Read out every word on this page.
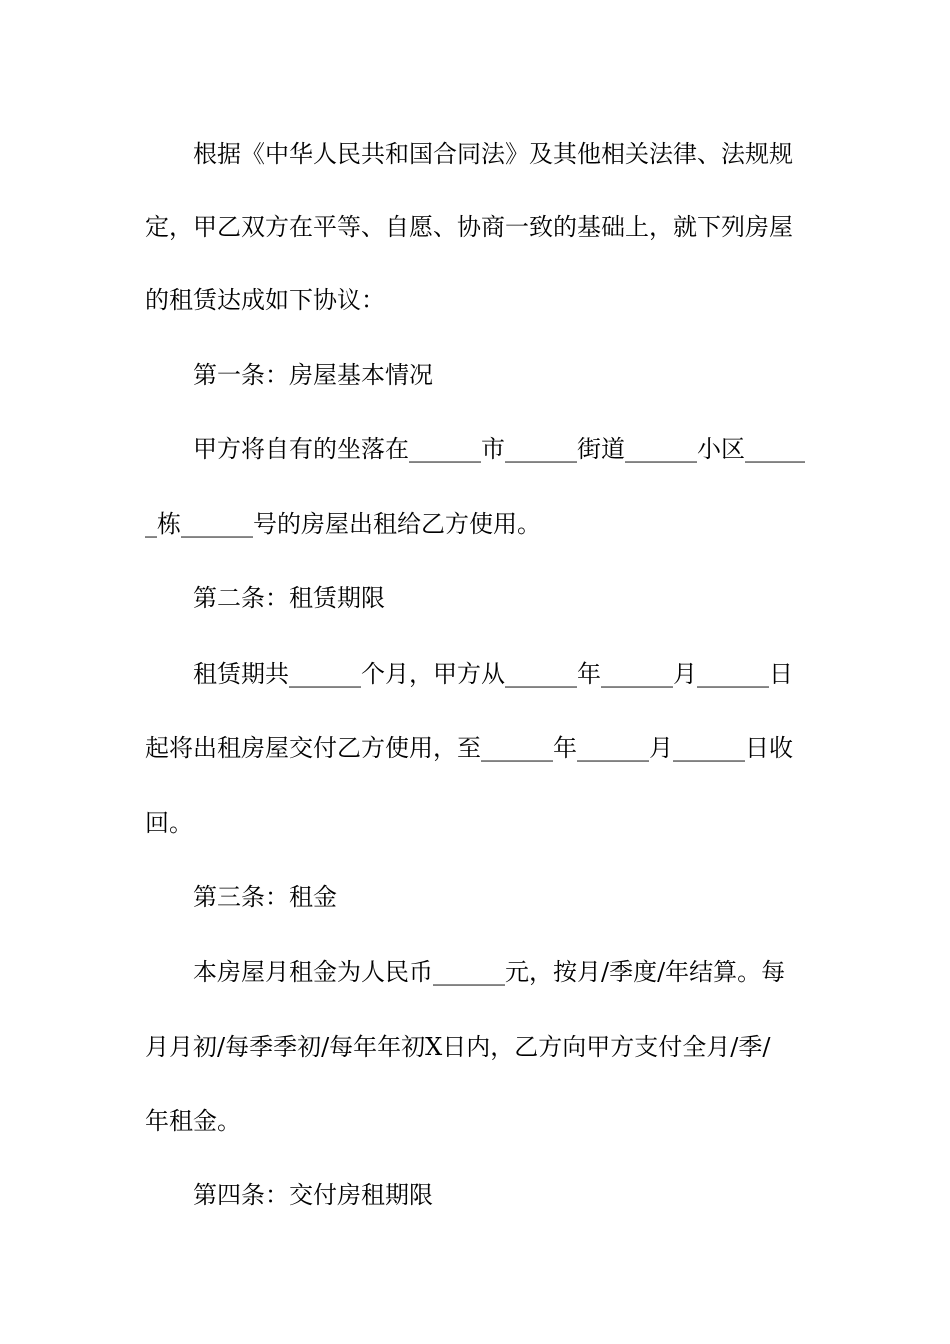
根据《中华人民共和国合同法》及其他相关法律、法规规
定，甲乙双方在平等、自愿、协商一致的基础上，就下列房屋
的租赁达成如下协议：
第一条：房屋基本情况
甲方将自有的坐落在______市______街道______小区_____
_栋______号的房屋出租给乙方使用。
第二条：租赁期限
租赁期共______个月，甲方从______年______月______日
起将出租房屋交付乙方使用，至______年______月______日收
回。
第三条：租金
本房屋月租金为人民币______元，按月/季度/年结算。每
月月初/每季季初/每年年初X日内，乙方向甲方支付全月/季/
年租金。
第四条：交付房租期限
